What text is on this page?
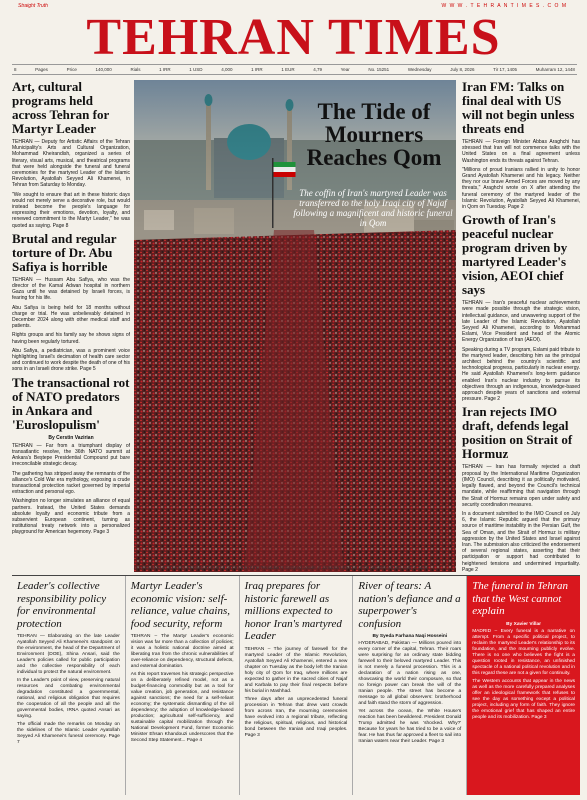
Straight Truth	W W W . T E H R A N T I M E S . C O M
TEHRAN TIMES
8	Pages	Price	140,000	Rials	1 IRR	1 USD	4,000	1 IRR	1 EUR	4,79	Year	No. 15251	Wednesday	July 8, 2026	Tir 17, 1405	Muharram 12, 1448
Art, cultural programs held across Tehran for Martyr Leader

TEHRAN — Deputy for Artistic Affairs of the Tehran Municipality's Arts and Cultural Organization, Mohammad Kheirandish, organized a series of literary, visual arts, musical, and theatrical programs that were held alongside the funeral and funeral ceremonies for the martyred Leader of the Islamic Revolution, Ayatollah Seyyed Ali Khamenei, in Tehran from Saturday to Monday.

"We sought to ensure that art in these historic days would not merely serve a decorative role, but would instead become the people's language for expressing their emotions, devotion, loyalty, and renewed commitment to the Martyr Leader," he was quoted as saying. Page 8

Brutal and regular torture of Dr. Abu Safiya is horrible

TEHRAN — Hussam Abu Safiya, who was the director of the Kamal Adwan hospital in northern Gaza until he was detained by Israeli forces, is fearing for his life.

Abu Safiya is being held for 18 months without charge or trial. He was unbelievably detained in December 2024 along with other medical staff and patients.

Rights groups and his family say he shows signs of having been regularly tortured.

Abu Safiya, a pediatrician, was a prominent voice highlighting Israel's decimation of health care sector and continued to work despite the death of one of his sons in an Israeli drone strike. Page 5

The transactional rot of NATO predators in Ankara and 'Euroslopulism'
By Cerstin Vazirian

TEHRAN — Far from a triumphant display of transatlantic resolve, the 36th NATO summit at Ankara's Beştepe Presidential Compound put bare irreconcilable strategic decay.

The gathering has stripped away the remnants of the alliance's Cold War era mythology, exposing a crude transactional protection racket governed by imperial extraction and personal ego.

Washington no longer simulates an alliance of equal partners. Instead, the United States demands absolute loyalty and economic tribute from a subservient European continent, turning as institutional treaty network into a personalized playground for American hegemony. Page 3

The Tide of Mourners Reaches Qom
The coffin of Iran's martyred Leader was transferred to the holy Iraqi city of Najaf following a magnificent and historic funeral in Qom
An aerial view of mourners attending the funeral procession of the Revolution's martyred Leader in Jamkaran Mosque in the outskirts of Qom, July 7, 2026
Iran FM: Talks on final deal with US will not begin unless threats end

TEHRAN — Foreign Minister Abbas Araghchi has stressed that Iran will not commence talks with the United States on a final agreement unless Washington ends its threats against Tehran.

"Millions of proud Iranians rallied in unity to honor Grand Ayatollah Khamenei and his legacy. Neither they nor our brave Armed Forces are moved by any threats," Araghchi wrote on X after attending the funeral ceremony of the martyred leader of the Islamic Revolution, Ayatollah Seyyed Ali Khamenei, in Qom on Tuesday. Page 2

Growth of Iran's peaceful nuclear program driven by martyred Leader's vision, AEOI chief says

TEHRAN — Iran's peaceful nuclear achievements were made possible through the strategic vision, intellectual guidance, and unwavering support of the late Leader of the Islamic Revolution, Ayatollah Seyyed Ali Khamenei, according to Mohammad Eslami, Vice President and head of the Atomic Energy Organization of Iran (AEOI).

Speaking during a TV program, Eslami paid tribute to the martyred leader, describing him as the principal architect behind the country's scientific and technological progress, particularly in nuclear energy. He said Ayatollah Khamenei's long-term guidance enabled Iran's nuclear industry to pursue its objectives through an indigenous, knowledge-based approach despite years of sanctions and external pressure. Page 2

Iran rejects IMO draft, defends legal position on Strait of Hormuz

TEHRAN — Iran has formally rejected a draft proposal by the International Maritime Organization (IMO) Council, describing it as politically motivated, legally flawed, and beyond the Council's technical mandate, while reaffirming that navigation through the Strait of Hormuz remains open under safety and security coordination measures.

In a document submitted to the IMO Council on July 6, the Islamic Republic argued that the primary source of maritime instability in the Persian Gulf, the Sea of Oman, and the Strait of Hormuz is military aggression by the United States and Israel against Iran. The submission also criticized the endorsement of several regional states, asserting that their participation or support had contributed to heightened tensions and undermined impartiality. Page 2

Leader's collective responsibility policy for environmental protection

TEHRAN — Elaborating on the late Leader Ayatollah Seyyed Ali Khamenei's standpoint on the environment, the head of the Department of Environment (DOE), Shina Ansari, said the Leader's policies called for public participation and the collective responsibility of each individual to protect the natural environment.

In the Leader's point of view, preserving natural resources and combating environmental degradation constituted a governmental, national, and religious obligation that requires the cooperation of all the people and all the governmental bodies, IRNA quoted Ansari as saying.

The official made the remarks on Monday on the sidelines of the Islamic Leader Ayatollah Seyyed Ali Khamenei's funeral ceremony. Page 7

Martyr Leader's economic vision: self-reliance, value chains, food security, reform

TEHRAN – The Martyr Leader's economic vision was far more than a collection of policies; it was a holistic national doctrine aimed at liberating Iran from the chronic vulnerabilities of over-reliance on dependency, structural defects, and external domination.

As this report traverses his strategic perspective on a deliberately refined model, not as a budget-financing commodity but as a tool for value creation, job generation, and resistance against sanctions; the need for a self-reliant economy; the systematic dismantling of the oil dependency; the adoption of knowledge-based production; agricultural self-sufficiency, and sustainable capital mobilization through the National Development Fund, former Economic Minister Ehsan Khandouzi underscores that the Second Step Statement... Page 4

Iraq prepares for historic farewell as millions expected to honor Iran's martyred Leader

TEHRAN – The journey of farewell for the martyred Leader of the Islamic Revolution, Ayatollah Seyyed Ali Khamenei, entered a new chapter on Tuesday as the body left the Iranian holy city of Qom for Iraq, where millions are expected to gather in the sacred cities of Najaf and Karbala to pay their final respects before his burial in Mashhad.

Three days after an unprecedented funeral procession in Tehran that drew vast crowds from across Iran, the mourning ceremonies have evolved into a regional tribute, reflecting the religious, spiritual, religious, and historical bond between the Iranian and Iraqi peoples. Page 3

River of tears: A nation's defiance and a superpower's confusion
By Syeda Farhana Naqi Hosseini

HYDERABAD, Pakistan — Millions poured into every corner of the capital, Tehran. Their roars were surprising for an ordinary state bidding farewell to their beloved martyred Leader. This is not merely a funeral procession. This is a declaration of a nation rising as one, showcasing the world their composure, so that no foreign power can break the will of the Iranian people. The street has become a message to all global observers: brotherhood and faith stand the storm of aggression.

Yet across the ocean, the White House's reaction has been bewildered. President Donald Trump admitted he was 'shocked. Why?' Because for years he has tried to be a voice of fear. He has thus far approved a fleet to sail into Iranian waters near their Leader. Page 3

The funeral in Tehran that the West cannot explain
By Xavier Villar

MADRID – Every funeral is a narrative on attempt. From a specific political project, to reclaim the martyred Leader's relationship to its foundation, and the mourning publicly evolve. There is no one who believes the fight is a question rooted in resistance, an unfinished spectacle of a national political revolution and in this regard these are not a given for continuity.

The Western accounts that appear in the news as well as the more carefully prepared analyses offer an ideological framework that refuses to see the day as something except a political project, including any form of faith. They ignore the emotional grief that has shaped an entire people and its mobilization. Page 3
